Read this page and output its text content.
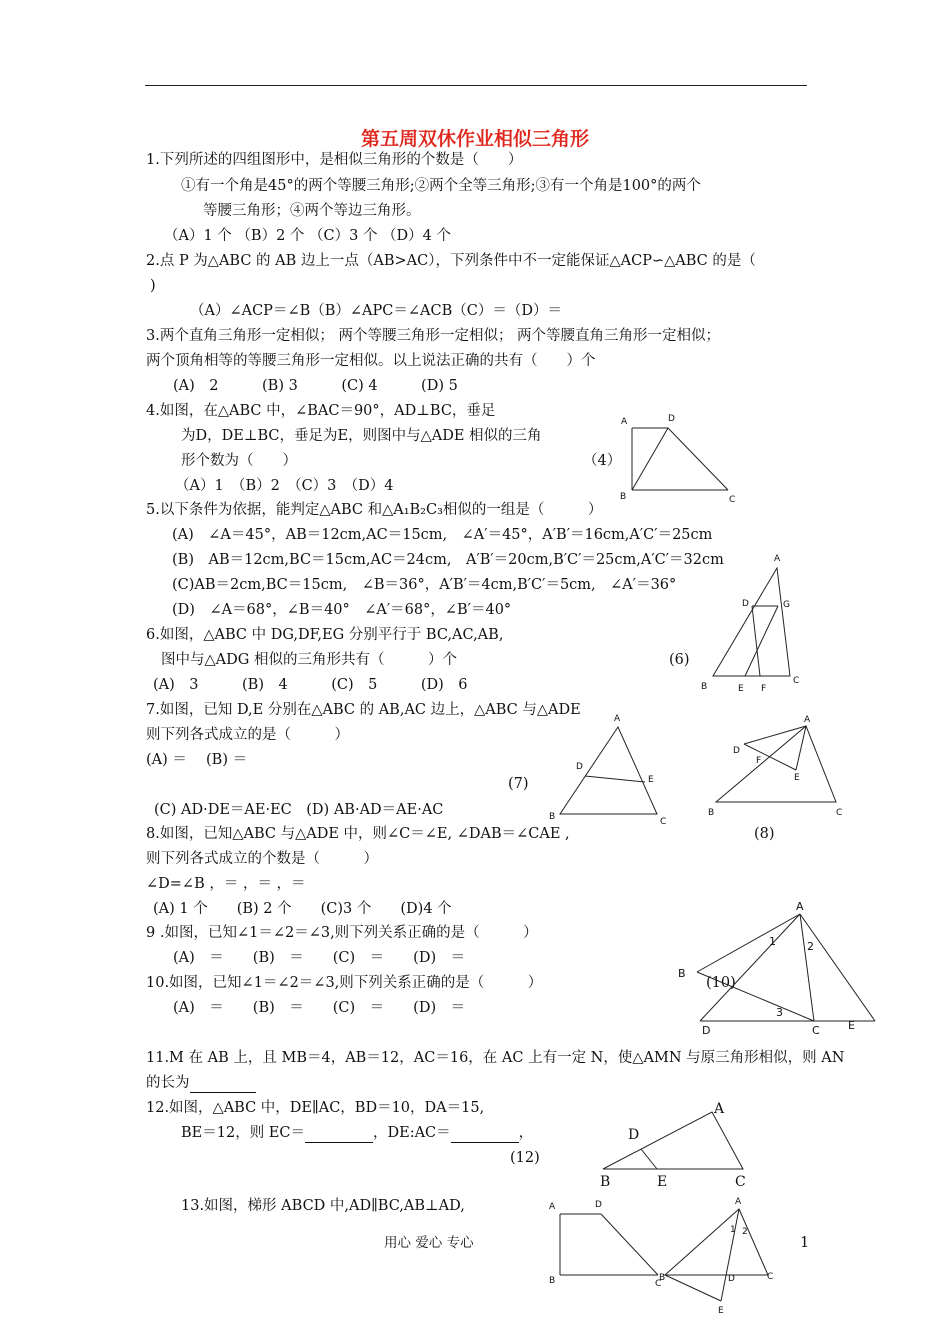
第五周双休作业相似三角形
1.下列所述的四组图形中，是相似三角形的个数是（　　）
①有一个角是45°的两个等腰三角形;②两个全等三角形;③有一个角是100°的两个
等腰三角形；④两个等边三角形。
（A）1 个 （B）2 个 （C）3 个 （D）4 个
2.点 P 为△ABC 的 AB 边上一点（AB>AC），下列条件中不一定能保证△ACP∽△ABC 的是（
)
（A）∠ACP＝∠B（B）∠APC＝∠ACB（C）＝（D）＝
3.两个直角三角形一定相似； 两个等腰三角形一定相似； 两个等腰直角三角形一定相似；
两个顶角相等的等腰三角形一定相似。以上说法正确的共有（　　）个
(A)　2　　　(B) 3　　　(C) 4　　　(D) 5
4.如图，在△ABC 中，∠BAC＝90°，AD⊥BC，垂足
为D，DE⊥BC，垂足为E，则图中与△ADE 相似的三角
形个数为（　　）	（4）
（A）1　（B）2　（C）3　（D）4
5.以下条件为依据，能判定△ABC 和△A₁B₂C₃相似的一组是（　　　）
(A)　∠A＝45°，AB＝12cm,AC＝15cm,　∠A′＝45°，A′B′＝16cm,A′C′＝25cm
(B)　AB＝12cm,BC＝15cm,AC＝24cm,　A′B′＝20cm,B′C′＝25cm,A′C′＝32cm
(C)AB＝2cm,BC＝15cm,　∠B＝36°，A′B′＝4cm,B′C′＝5cm,　∠A′＝36°
(D)　∠A＝68°，∠B＝40°　∠A′＝68°，∠B′＝40°
6.如图，△ABC 中 DG,DF,EG 分别平行于 BC,AC,AB,
图中与△ADG 相似的三角形共有（　　　）个	(6)
(A)　3　　　(B)　4　　　(C)　5　　　(D)　6
7.如图，已知 D,E 分别在△ABC 的 AB,AC 边上，△ABC 与△ADE
则下列各式成立的是（　　　）
(A) ＝　 (B) ＝
(7)
(C) AD·DE＝AE·EC　(D) AB·AD＝AE·AC
8.如图，已知△ABC 与△ADE 中，则∠C＝∠E, ∠DAB＝∠CAE ,	(8)
则下列各式成立的个数是（　　　）
∠D=∠B ，＝ ，＝ ，＝
(A) 1 个　　(B) 2 个　　(C)3 个　　(D)4 个
9 .如图，已知∠1＝∠2＝∠3,则下列关系正确的是（　　　）
(A)　＝　　(B)　＝　　(C)　＝　　(D)　＝
10.如图，已知∠1＝∠2＝∠3,则下列关系正确的是（　　　）	(10)
(A)　＝　　(B)　＝　　(C)　＝　　(D)　＝
11.M 在 AB 上，且 MB＝4，AB＝12，AC＝16，在 AC 上有一定 N，使△AMN 与原三角形相似，则 AN
的长为
12.如图，△ABC 中，DE∥AC，BD＝10，DA＝15,
BE＝12，则 EC＝	，DE:AC＝	，
(12)
13.如图，梯形 ABCD 中,AD∥BC,AB⊥AD,
用心 爱心 专心	1
A	D
B	C
A
D	G
B	E F
C
A
D
E
B	C
A
D
F
E
B	C
A
1	2
B
3
D	C	E
A
D
B	E	C
A	D
B	C
A
1 2
B	D	C
E
